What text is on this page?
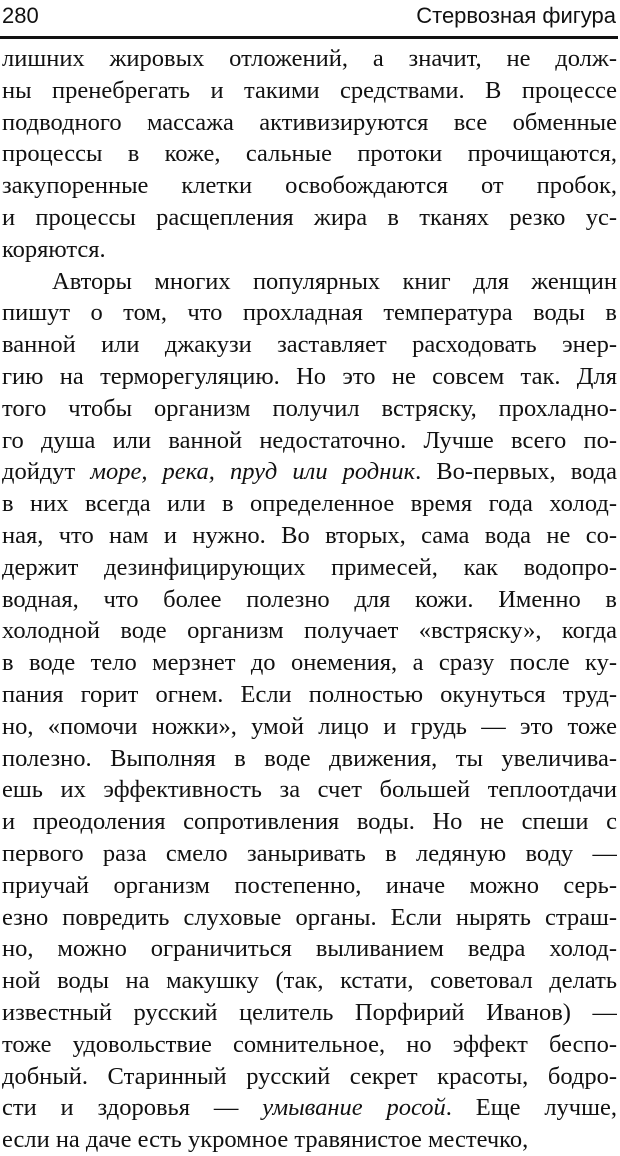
280	Стервозная фигура
лишних жировых отложений, а значит, не долж-
ны пренебрегать и такими средствами. В процессе
подводного массажа активизируются все обменные
процессы в коже, сальные протоки прочищаются,
закупоренные клетки освобождаются от пробок,
и процессы расщепления жира в тканях резко ус-
коряются.
Авторы многих популярных книг для женщин
пишут о том, что прохладная температура воды в
ванной или джакузи заставляет расходовать энер-
гию на терморегуляцию. Но это не совсем так. Для
того чтобы организм получил встряску, прохладно-
го душа или ванной недостаточно. Лучше всего по-
дойдут море, река, пруд или родник. Во-первых, вода
в них всегда или в определенное время года холод-
ная, что нам и нужно. Во вторых, сама вода не со-
держит дезинфицирующих примесей, как водопро-
водная, что более полезно для кожи. Именно в
холодной воде организм получает «встряску», когда
в воде тело мерзнет до онемения, а сразу после ку-
пания горит огнем. Если полностью окунуться труд-
но, «помочи ножки», умой лицо и грудь — это тоже
полезно. Выполняя в воде движения, ты увеличива-
ешь их эффективность за счет большей теплоотдачи
и преодоления сопротивления воды. Но не спеши с
первого раза смело заныривать в ледяную воду —
приучай организм постепенно, иначе можно серь-
езно повредить слуховые органы. Если нырять страш-
но, можно ограничиться выливанием ведра холод-
ной воды на макушку (так, кстати, советовал делать
известный русский целитель Порфирий Иванов) —
тоже удовольствие сомнительное, но эффект беспо-
добный. Старинный русский секрет красоты, бодро-
сти и здоровья — умывание росой. Еще лучше,
если на даче есть укромное травянистое местечко,
